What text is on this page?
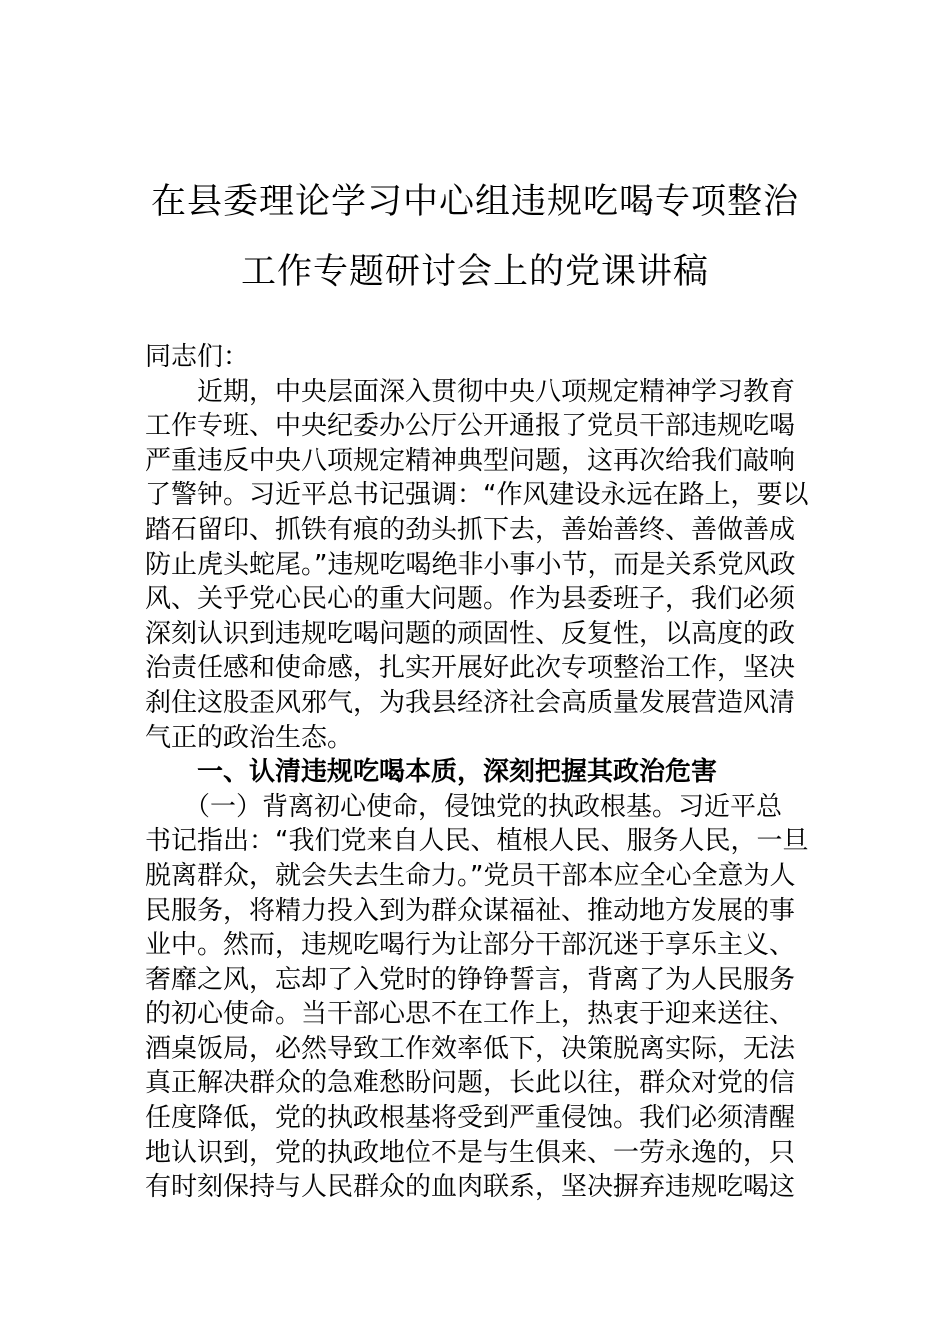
在县委理论学习中心组违规吃喝专项整治
工作专题研讨会上的党课讲稿
同志们：
　　近期，中央层面深入贯彻中央八项规定精神学习教育
工作专班、中央纪委办公厅公开通报了党员干部违规吃喝
严重违反中央八项规定精神典型问题，这再次给我们敲响
了警钟。习近平总书记强调：“作风建设永远在路上，要以
踏石留印、抓铁有痕的劲头抓下去，善始善终、善做善成
防止虎头蛇尾。”违规吃喝绝非小事小节，而是关系党风政
风、关乎党心民心的重大问题。作为县委班子，我们必须
深刻认识到违规吃喝问题的顽固性、反复性，以高度的政
治责任感和使命感，扎实开展好此次专项整治工作，坚决
刹住这股歪风邪气，为我县经济社会高质量发展营造风清
气正的政治生态。
　　一、认清违规吃喝本质，深刻把握其政治危害
　　（一）背离初心使命，侵蚀党的执政根基。习近平总
书记指出：“我们党来自人民、植根人民、服务人民，一旦
脱离群众，就会失去生命力。”党员干部本应全心全意为人
民服务，将精力投入到为群众谋福祉、推动地方发展的事
业中。然而，违规吃喝行为让部分干部沉迷于享乐主义、
奢靡之风，忘却了入党时的铮铮誓言，背离了为人民服务
的初心使命。当干部心思不在工作上，热衷于迎来送往、
酒桌饭局，必然导致工作效率低下，决策脱离实际，无法
真正解决群众的急难愁盼问题，长此以往，群众对党的信
任度降低，党的执政根基将受到严重侵蚀。我们必须清醒
地认识到，党的执政地位不是与生俱来、一劳永逸的，只
有时刻保持与人民群众的血肉联系，坚决摒弃违规吃喝这
